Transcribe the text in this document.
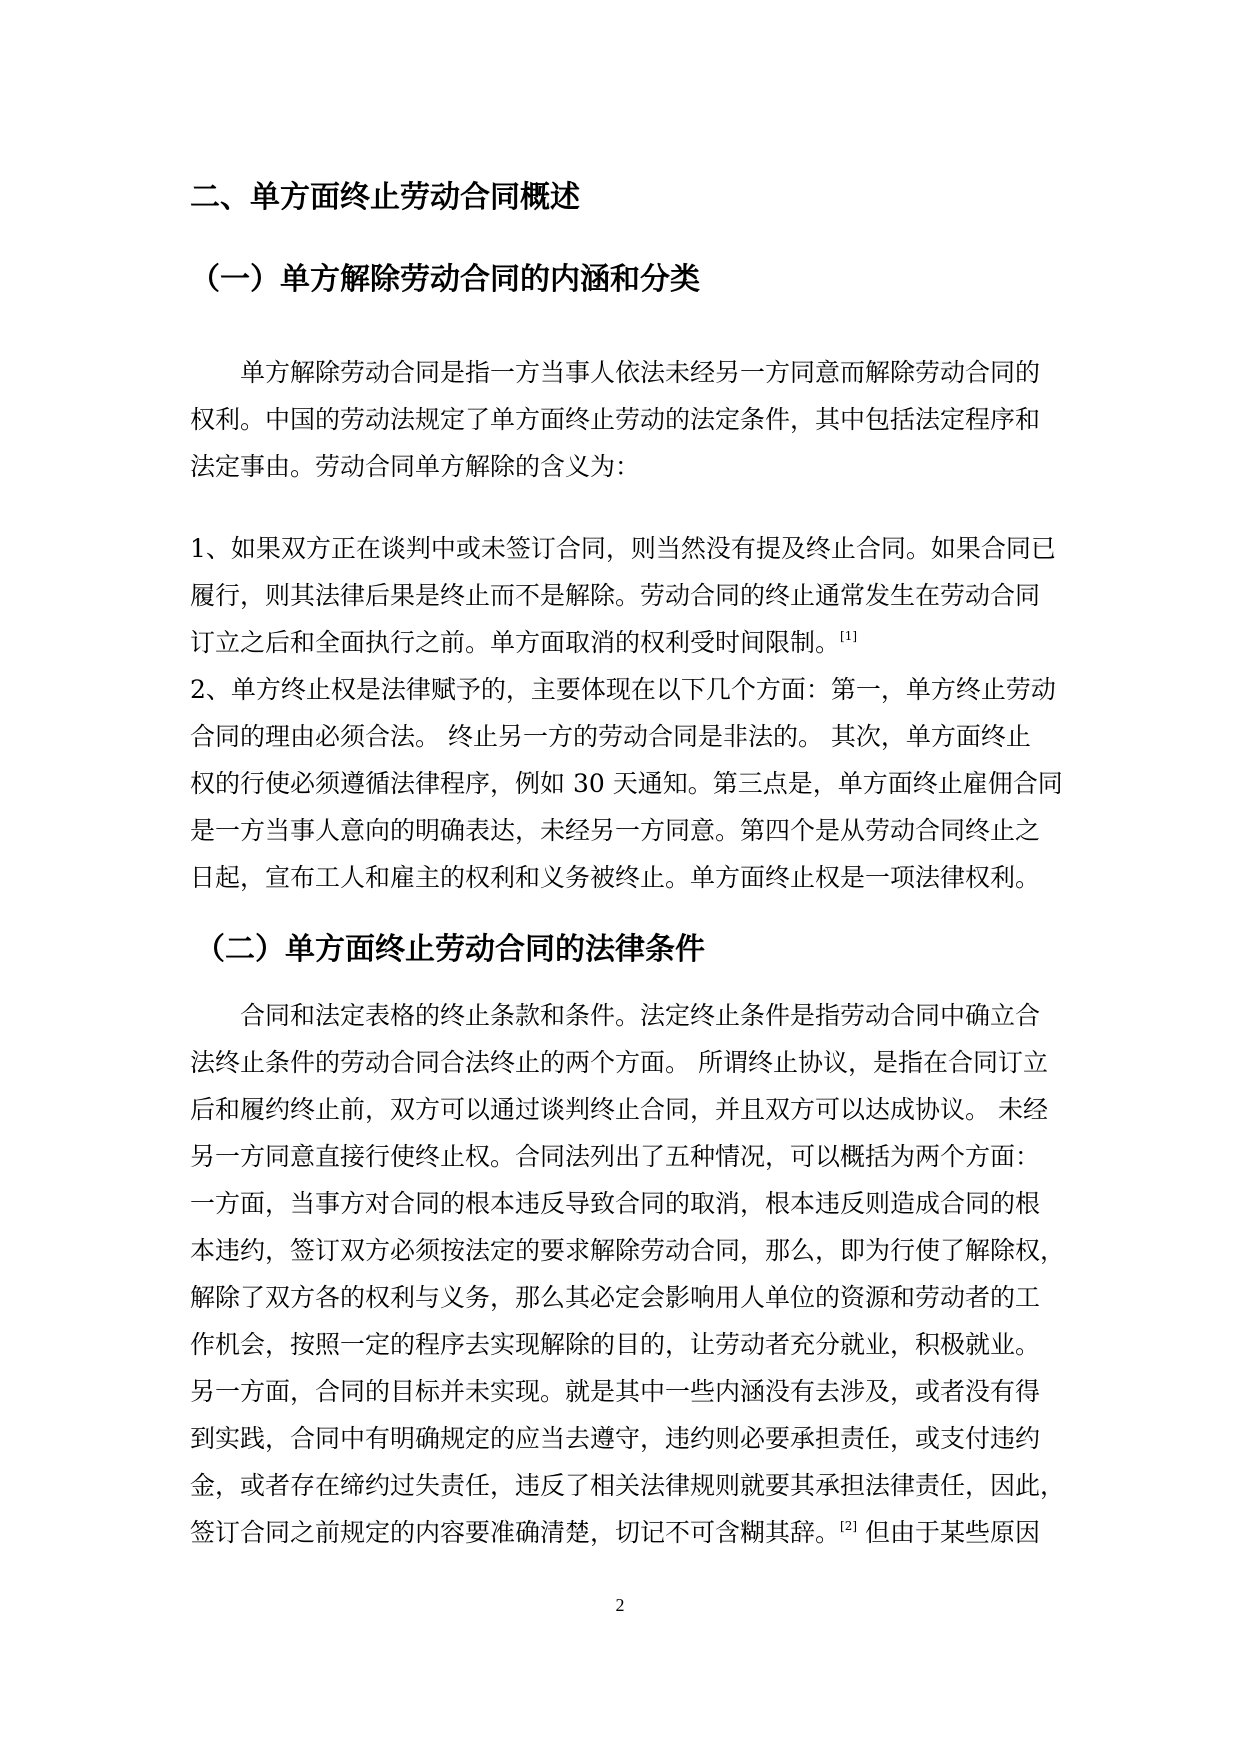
二、单方面终止劳动合同概述
（一）单方解除劳动合同的内涵和分类
单方解除劳动合同是指一方当事人依法未经另一方同意而解除劳动合同的
权利。中国的劳动法规定了单方面终止劳动的法定条件，其中包括法定程序和
法定事由。劳动合同单方解除的含义为：
1、如果双方正在谈判中或未签订合同，则当然没有提及终止合同。如果合同已
履行，则其法律后果是终止而不是解除。劳动合同的终止通常发生在劳动合同
订立之后和全面执行之前。单方面取消的权利受时间限制。[1]
2、单方终止权是法律赋予的，主要体现在以下几个方面：第一，单方终止劳动
合同的理由必须合法。 终止另一方的劳动合同是非法的。 其次，单方面终止
权的行使必须遵循法律程序，例如 30 天通知。第三点是，单方面终止雇佣合同
是一方当事人意向的明确表达，未经另一方同意。第四个是从劳动合同终止之
日起，宣布工人和雇主的权利和义务被终止。单方面终止权是一项法律权利。
（二）单方面终止劳动合同的法律条件
合同和法定表格的终止条款和条件。法定终止条件是指劳动合同中确立合
法终止条件的劳动合同合法终止的两个方面。 所谓终止协议，是指在合同订立
后和履约终止前，双方可以通过谈判终止合同，并且双方可以达成协议。 未经
另一方同意直接行使终止权。合同法列出了五种情况，可以概括为两个方面：
一方面，当事方对合同的根本违反导致合同的取消，根本违反则造成合同的根
本违约，签订双方必须按法定的要求解除劳动合同，那么，即为行使了解除权，
解除了双方各的权利与义务，那么其必定会影响用人单位的资源和劳动者的工
作机会，按照一定的程序去实现解除的目的，让劳动者充分就业，积极就业。
另一方面，合同的目标并未实现。就是其中一些内涵没有去涉及，或者没有得
到实践，合同中有明确规定的应当去遵守，违约则必要承担责任，或支付违约
金，或者存在缔约过失责任，违反了相关法律规则就要其承担法律责任，因此，
签订合同之前规定的内容要准确清楚，切记不可含糊其辞。[2] 但由于某些原因
2
